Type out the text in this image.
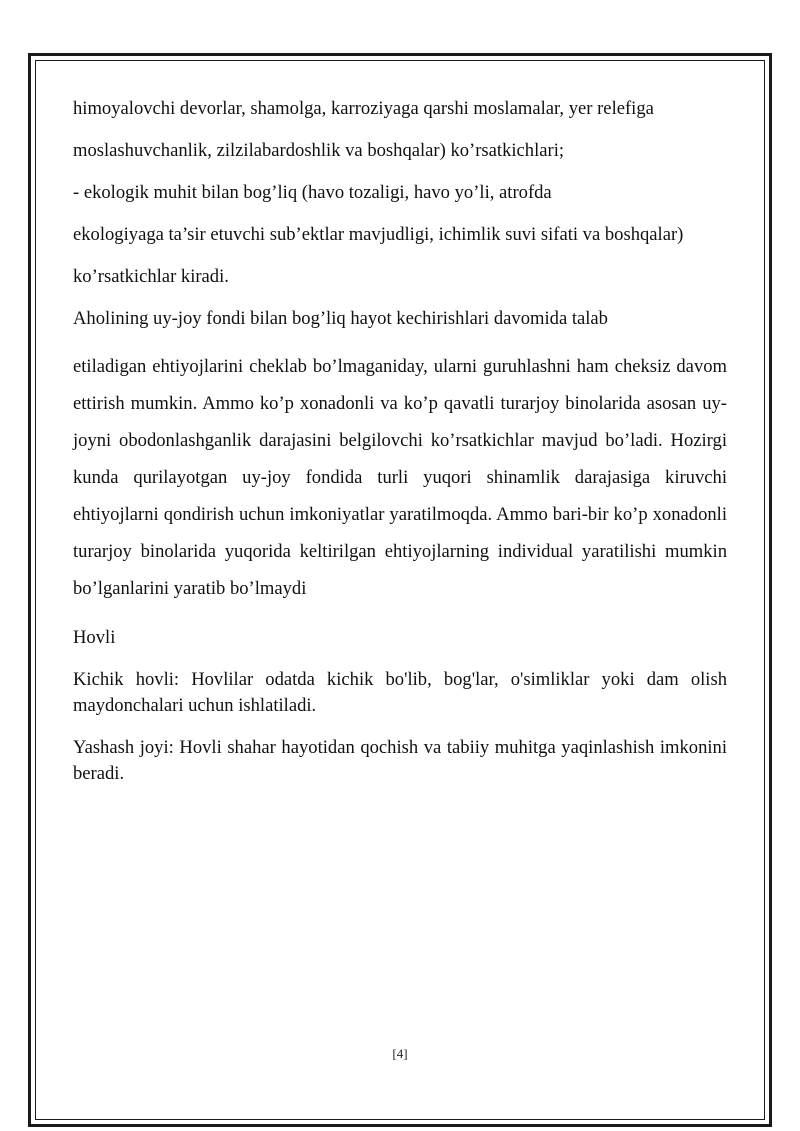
himoyalovchi devorlar, shamolga, karroziyaga qarshi moslamalar, yer relefiga

moslashuvchanlik, zilzilabardoshlik va boshqalar) ko’rsatkichlari;

- ekologik muhit bilan bog’liq (havo tozaligi, havo yo’li, atrofda

ekologiyaga ta’sir etuvchi sub’ektlar mavjudligi, ichimlik suvi sifati va boshqalar)

ko’rsatkichlar kiradi.

Aholining uy-joy fondi bilan bog’liq hayot kechirishlari davomida talab

etiladigan ehtiyojlarini cheklab bo’lmaganiday, ularni guruhlashni ham cheksiz davom ettirish mumkin. Ammo ko’p xonadonli va ko’p qavatli turarjoy binolarida asosan uy-joyni obodonlashganlik darajasini belgilovchi ko’rsatkichlar mavjud bo’ladi. Hozirgi kunda qurilayotgan uy-joy fondida turli yuqori shinamlik darajasiga kiruvchi ehtiyojlarni qondirish uchun imkoniyatlar yaratilmoqda. Ammo bari-bir ko’p xonadonli turarjoy binolarida yuqorida keltirilgan ehtiyojlarning individual yaratilishi mumkin bo’lganlarini yaratib bo’lmaydi

Hovli

Kichik hovli: Hovlilar odatda kichik bo'lib, bog'lar, o'simliklar yoki dam olish maydonchalari uchun ishlatiladi.

Yashash joyi: Hovli shahar hayotidan qochish va tabiiy muhitga yaqinlashish imkonini beradi.

[4]
